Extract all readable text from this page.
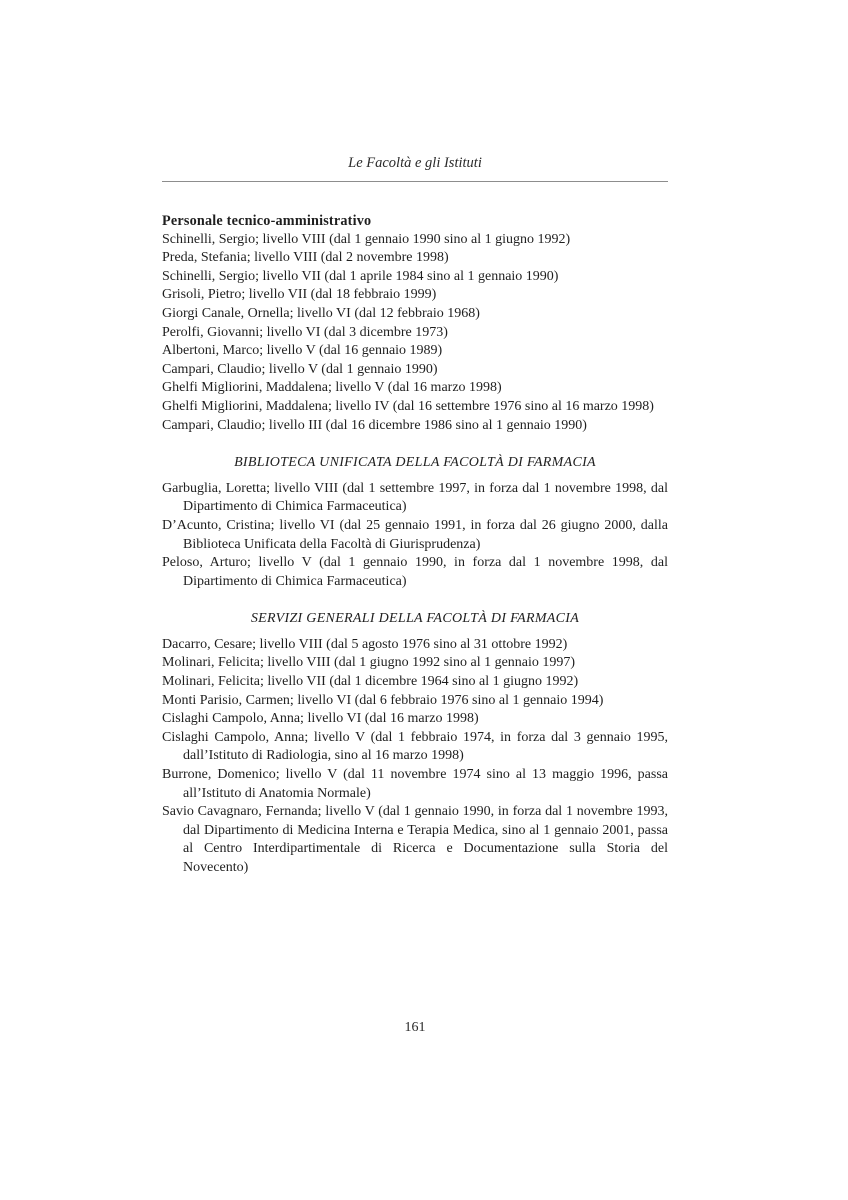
Le Facoltà e gli Istituti
Personale tecnico-amministrativo

Schinelli, Sergio; livello VIII (dal 1 gennaio 1990 sino al 1 giugno 1992)

Preda, Stefania; livello VIII (dal 2 novembre 1998)

Schinelli, Sergio; livello VII (dal 1 aprile 1984 sino al 1 gennaio 1990)

Grisoli, Pietro; livello VII (dal 18 febbraio 1999)

Giorgi Canale, Ornella; livello VI (dal 12 febbraio 1968)

Perolfi, Giovanni; livello VI (dal 3 dicembre 1973)

Albertoni, Marco; livello V (dal 16 gennaio 1989)

Campari, Claudio; livello V (dal 1 gennaio 1990)

Ghelfi Migliorini, Maddalena; livello V (dal 16 marzo 1998)

Ghelfi Migliorini, Maddalena; livello IV (dal 16 settembre 1976 sino al 16 marzo 1998)

Campari, Claudio; livello III (dal 16 dicembre 1986 sino al 1 gennaio 1990)

BIBLIOTECA UNIFICATA DELLA FACOLTÀ DI FARMACIA

Garbuglia, Loretta; livello VIII (dal 1 settembre 1997, in forza dal 1 novembre 1998, dal Dipartimento di Chimica Farmaceutica)

D’Acunto, Cristina; livello VI (dal 25 gennaio 1991, in forza dal 26 giugno 2000, dalla Biblioteca Unificata della Facoltà di Giurisprudenza)

Peloso, Arturo; livello V (dal 1 gennaio 1990, in forza dal 1 novembre 1998, dal Dipartimento di Chimica Farmaceutica)

SERVIZI GENERALI DELLA FACOLTÀ DI FARMACIA

Dacarro, Cesare; livello VIII (dal 5 agosto 1976 sino al 31 ottobre 1992)

Molinari, Felicita; livello VIII (dal 1 giugno 1992 sino al 1 gennaio 1997)

Molinari, Felicita; livello VII (dal 1 dicembre 1964 sino al 1 giugno 1992)

Monti Parisio, Carmen; livello VI (dal 6 febbraio 1976 sino al 1 gennaio 1994)

Cislaghi Campolo, Anna; livello VI (dal 16 marzo 1998)

Cislaghi Campolo, Anna; livello V (dal 1 febbraio 1974, in forza dal 3 gennaio 1995, dall’Istituto di Radiologia, sino al 16 marzo 1998)

Burrone, Domenico; livello V (dal 11 novembre 1974 sino al 13 maggio 1996, passa all’Istituto di Anatomia Normale)

Savio Cavagnaro, Fernanda; livello V (dal 1 gennaio 1990, in forza dal 1 novembre 1993, dal Dipartimento di Medicina Interna e Terapia Medica, sino al 1 gennaio 2001, passa al Centro Interdipartimentale di Ricerca e Documentazione sulla Storia del Novecento)

161
